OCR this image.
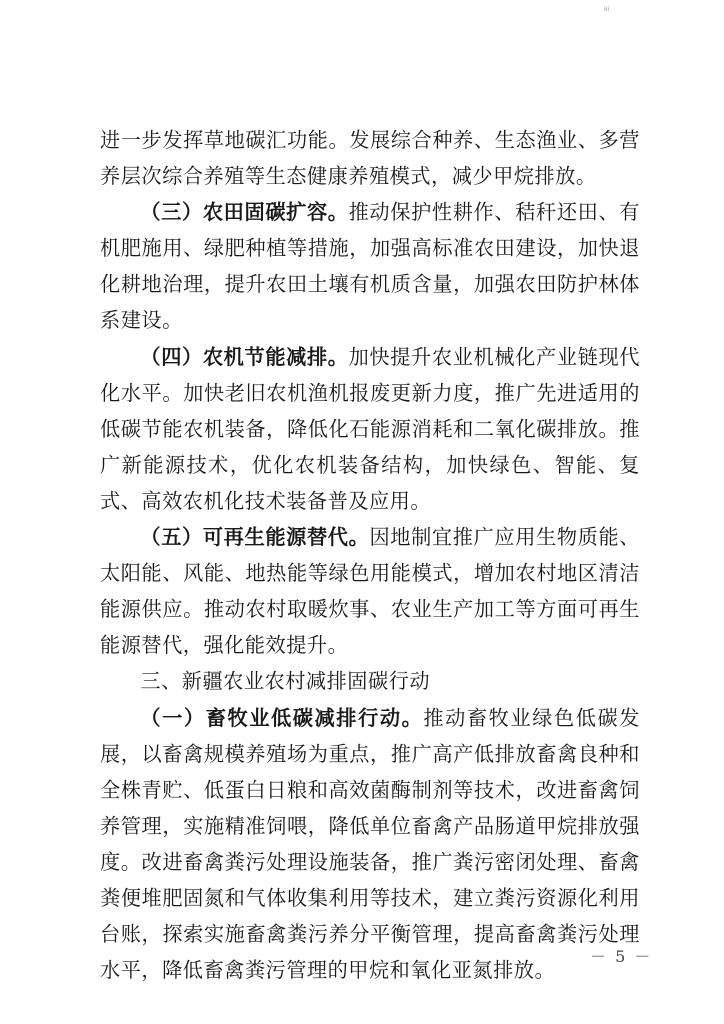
iii

进一步发挥草地碳汇功能。发展综合种养、生态渔业、多营养层次综合养殖等生态健康养殖模式，减少甲烷排放。

（三）农田固碳扩容。推动保护性耕作、秸秆还田、有机肥施用、绿肥种植等措施，加强高标准农田建设，加快退化耕地治理，提升农田土壤有机质含量，加强农田防护林体系建设。

（四）农机节能减排。加快提升农业机械化产业链现代化水平。加快老旧农机渔机报废更新力度，推广先进适用的低碳节能农机装备，降低化石能源消耗和二氧化碳排放。推广新能源技术，优化农机装备结构，加快绿色、智能、复式、高效农机化技术装备普及应用。

（五）可再生能源替代。因地制宜推广应用生物质能、太阳能、风能、地热能等绿色用能模式，增加农村地区清洁能源供应。推动农村取暖炊事、农业生产加工等方面可再生能源替代，强化能效提升。

三、新疆农业农村减排固碳行动

（一）畜牧业低碳减排行动。推动畜牧业绿色低碳发展，以畜禽规模养殖场为重点，推广高产低排放畜禽良种和全株青贮、低蛋白日粮和高效菌酶制剂等技术，改进畜禽饲养管理，实施精准饲喂，降低单位畜禽产品肠道甲烷排放强度。改进畜禽粪污处理设施装备，推广粪污密闭处理、畜禽粪便堆肥固氮和气体收集利用等技术，建立粪污资源化利用台账，探索实施畜禽粪污养分平衡管理，提高畜禽粪污处理水平，降低畜禽粪污管理的甲烷和氧化亚氮排放。

－ 5 －
